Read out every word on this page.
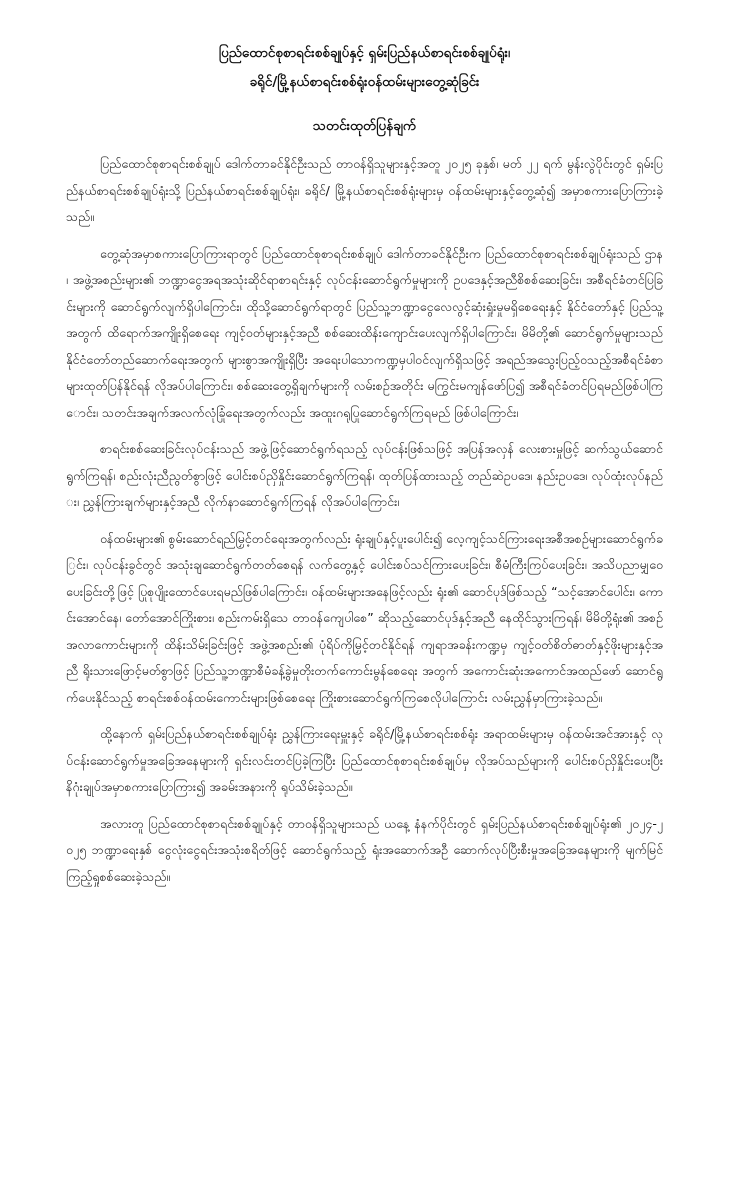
ပြည်ထောင်စုစာရင်းစစ်ချုပ်နှင့် ရှမ်းပြည်နယ်စာရင်းစစ်ချုပ်ရုံး၊
ခရိုင်/မြို့နယ်စာရင်းစစ်ရုံးဝန်ထမ်းများတွေ့ဆုံခြင်း
သတင်းထုတ်ပြန်ချက်

ပြည်ထောင်စုစာရင်းစစ်ချုပ် ဒေါက်တာခင်နိုင်ဦးသည် တာဝန်ရှိသူများနှင့်အတူ ၂၀၂၅ ခုနှစ်၊ မတ် ၂၂ ရက် မွန်းလွဲပိုင်းတွင် ရှမ်းပြည်နယ်စာရင်းစစ်ချုပ်ရုံးသို့ ပြည်နယ်စာရင်းစစ်ချုပ်ရုံး၊ ခရိုင်/ မြို့နယ်စာရင်းစစ်ရုံးများမှ ဝန်ထမ်းများနှင့်တွေ့ဆုံ၍ အမှာစကားပြောကြားခဲ့သည်။

တွေ့ဆုံအမှာစကားပြောကြားရာတွင် ပြည်ထောင်စုစာရင်းစစ်ချုပ် ဒေါက်တာခင်နိုင်ဦးက ပြည်ထောင်စုစာရင်းစစ်ချုပ်ရုံးသည် ဌာန၊ အဖွဲ့အစည်းများ၏ ဘဏ္ဍာငွေအရအသုံးဆိုင်ရာစာရင်းနှင့် လုပ်ငန်းဆောင်ရွက်မှုများကို ဥပဒေနှင့်အညီစိစစ်ဆေးခြင်း၊ အစီရင်ခံတင်ပြခြင်းများကို ဆောင်ရွက်လျက်ရှိပါကြောင်း၊ ထိုသို့ဆောင်ရွက်ရာတွင် ပြည်သူ့ဘဏ္ဍာငွေလေလွင့်ဆုံးရှုံးမှုမရှိစေရေးနှင့် နိုင်ငံတော်နှင့် ပြည်သူ့အတွက် ထိရောက်အကျိုးရှိစေရေး ကျင့်ဝတ်များနှင့်အညီ စစ်ဆေးထိန်းကျောင်းပေးလျက်ရှိပါကြောင်း၊ မိမိတို့၏ ဆောင်ရွက်မှုများသည် နိုင်ငံတော်တည်ဆောက်ရေးအတွက် များစွာအကျိုးရှိပြီး အရေးပါသောကဏ္ဍမှပါဝင်လျက်ရှိသဖြင့် အရည်အသွေးပြည့်ဝသည့်အစီရင်ခံစာများထုတ်ပြန်နိုင်ရန် လိုအပ်ပါကြောင်း၊ စစ်ဆေးတွေ့ရှိချက်များကို လမ်းစဉ်အတိုင်း မကြွင်းမကျန်ဖော်ပြ၍ အစီရင်ခံတင်ပြရမည်ဖြစ်ပါကြောင်း၊ သတင်းအချက်အလက်လုံခြုံရေးအတွက်လည်း အထူးဂရုပြုဆောင်ရွက်ကြရမည် ဖြစ်ပါကြောင်း၊

စာရင်းစစ်ဆေးခြင်းလုပ်ငန်းသည် အဖွဲ့ဖြင့်ဆောင်ရွက်ရသည့် လုပ်ငန်းဖြစ်သဖြင့် အပြန်အလှန် လေးစားမှုဖြင့် ဆက်သွယ်ဆောင်ရွက်ကြရန်၊ စည်းလုံးညီညွတ်စွာဖြင့် ပေါင်းစပ်ညှိနှိုင်းဆောင်ရွက်ကြရန်၊ ထုတ်ပြန်ထားသည့် တည်ဆဲဥပဒေ၊ နည်းဥပဒေ၊ လုပ်ထုံးလုပ်နည်း၊ ညွှန်ကြားချက်များနှင့်အညီ လိုက်နာဆောင်ရွက်ကြရန် လိုအပ်ပါကြောင်း၊

ဝန်ထမ်းများ၏ စွမ်းဆောင်ရည်မြှင့်တင်ရေးအတွက်လည်း ရုံးချုပ်နှင့်ပူးပေါင်း၍ လေ့ကျင့်သင်ကြားရေးအစီအစဉ်များဆောင်ရွက်ခြင်း၊ လုပ်ငန်းခွင်တွင် အသုံးချဆောင်ရွက်တတ်စေရန် လက်တွေ့နှင့် ပေါင်းစပ်သင်ကြားပေးခြင်း၊ စီမံကြီးကြပ်ပေးခြင်း၊ အသိပညာမျှဝေပေးခြင်းတို့ဖြင့် ပြုစုပျိုးထောင်ပေးရမည်ဖြစ်ပါကြောင်း၊ ဝန်ထမ်းများအနေဖြင့်လည်း ရုံး၏ ဆောင်ပုဒ်ဖြစ်သည့် “သင့်အောင်ပေါင်း၊ ကောင်းအောင်နေ၊ တော်အောင်ကြိုးစား၊ စည်းကမ်းရှိသေ တာဝန်ကျေပါစေ” ဆိုသည့်ဆောင်ပုဒ်နှင့်အညီ နေထိုင်သွားကြရန်၊ မိမိတို့ရုံး၏ အစဉ်အလာကောင်းများကို ထိန်းသိမ်းခြင်းဖြင့် အဖွဲ့အစည်း၏ ပုံရိပ်ကိုမြှင့်တင်နိုင်ရန် ကျရာအခန်းကဏ္ဍမှ ကျင့်ဝတ်စိတ်ဓာတ်နှင့်ဖိုးများနှင့်အညီ ရိုးသားဖြောင့်မတ်စွာဖြင့် ပြည်သူ့ဘဏ္ဍာစီမံခန့်ခွဲမှုတိုးတက်ကောင်းမွန်စေရေး အတွက် အကောင်းဆုံးအကောင်အထည်ဖော် ဆောင်ရွက်ပေးနိုင်သည့် စာရင်းစစ်ဝန်ထမ်းကောင်းများဖြစ်စေရေး ကြိုးစားဆောင်ရွက်ကြစေလိုပါကြောင်း လမ်းညွှန်မှာကြားခဲ့သည်။

ထို့နောက် ရှမ်းပြည်နယ်စာရင်းစစ်ချုပ်ရုံး ညွှန်ကြားရေးမှူးနှင့် ခရိုင်/မြို့နယ်စာရင်းစစ်ရုံး အရာထမ်းများမှ ဝန်ထမ်းအင်အားနှင့် လုပ်ငန်းဆောင်ရွက်မှုအခြေအနေများကို ရှင်းလင်းတင်ပြခဲ့ကြပြီး ပြည်ထောင်စုစာရင်းစစ်ချုပ်မှ လိုအပ်သည်များကို ပေါင်းစပ်ညှိနှိုင်းပေးပြီး နိဂုံးချုပ်အမှာစကားပြောကြား၍ အခမ်းအနားကို ရုပ်သိမ်းခဲ့သည်။

အလားတူ ပြည်ထောင်စုစာရင်းစစ်ချုပ်နှင့် တာဝန်ရှိသူများသည် ယနေ့ နံနက်ပိုင်းတွင် ရှမ်းပြည်နယ်စာရင်းစစ်ချုပ်ရုံး၏ ၂၀၂၄-၂၀၂၅ ဘဏ္ဍာရေးနှစ် ငွေလုံးငွေရင်းအသုံးစရိတ်ဖြင့် ဆောင်ရွက်သည့် ရုံးအဆောက်အဦ ဆောက်လုပ်ပြီးစီးမှုအခြေအနေများကို မျက်မြင်ကြည့်ရှုစစ်ဆေးခဲ့သည်။
